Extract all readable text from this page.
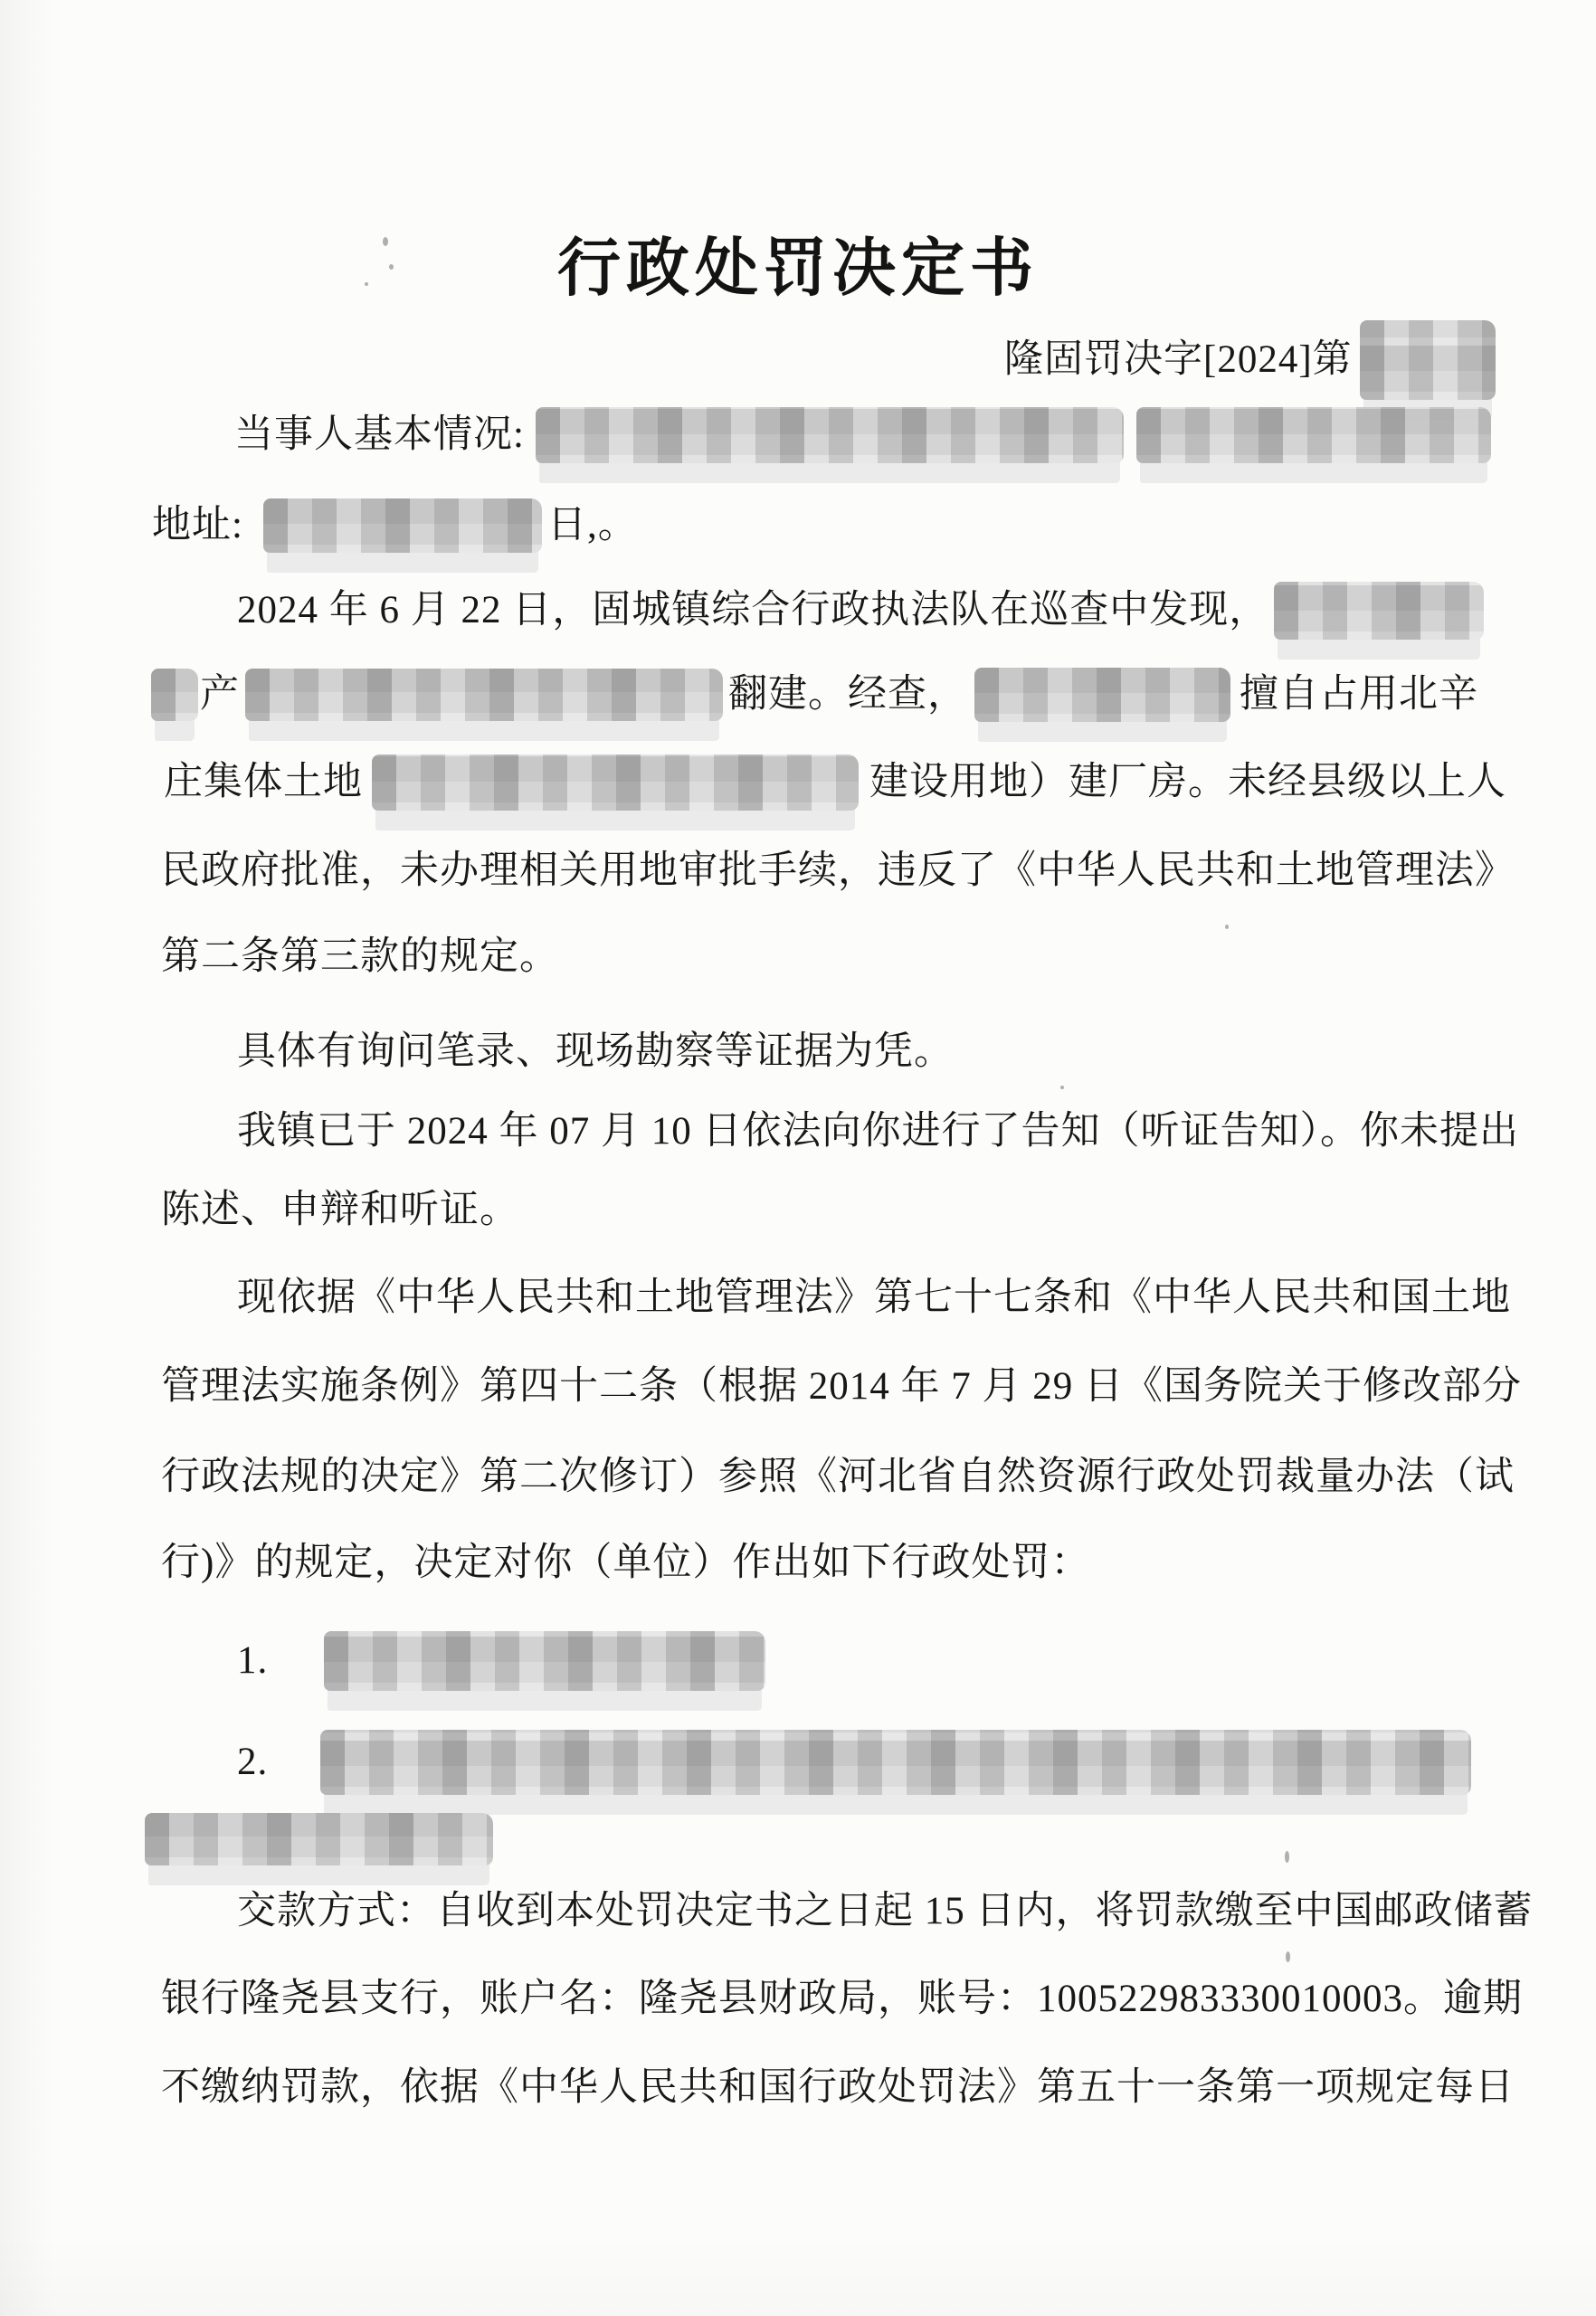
行政处罚决定书
隆固罚决字[2024]第
当事人基本情况:
地址:	日,。
2024 年 6 月 22 日，固城镇综合行政执法队在巡查中发现，
产	翻建。经查，	擅自占用北辛
庄集体土地	建设用地）建厂房。未经县级以上人
民政府批准，未办理相关用地审批手续，违反了《中华人民共和土地管理法》
第二条第三款的规定。
具体有询问笔录、现场勘察等证据为凭。
我镇已于 2024 年 07 月 10 日依法向你进行了告知（听证告知）。你未提出
陈述、申辩和听证。
现依据《中华人民共和土地管理法》第七十七条和《中华人民共和国土地
管理法实施条例》第四十二条（根据 2014 年 7 月 29 日《国务院关于修改部分
行政法规的决定》第二次修订）参照《河北省自然资源行政处罚裁量办法（试
行)》的规定，决定对你（单位）作出如下行政处罚：
1.
2.
交款方式：自收到本处罚决定书之日起 15 日内，将罚款缴至中国邮政储蓄
银行隆尧县支行，账户名：隆尧县财政局，账号：100522983330010003。逾期
不缴纳罚款，依据《中华人民共和国行政处罚法》第五十一条第一项规定每日
